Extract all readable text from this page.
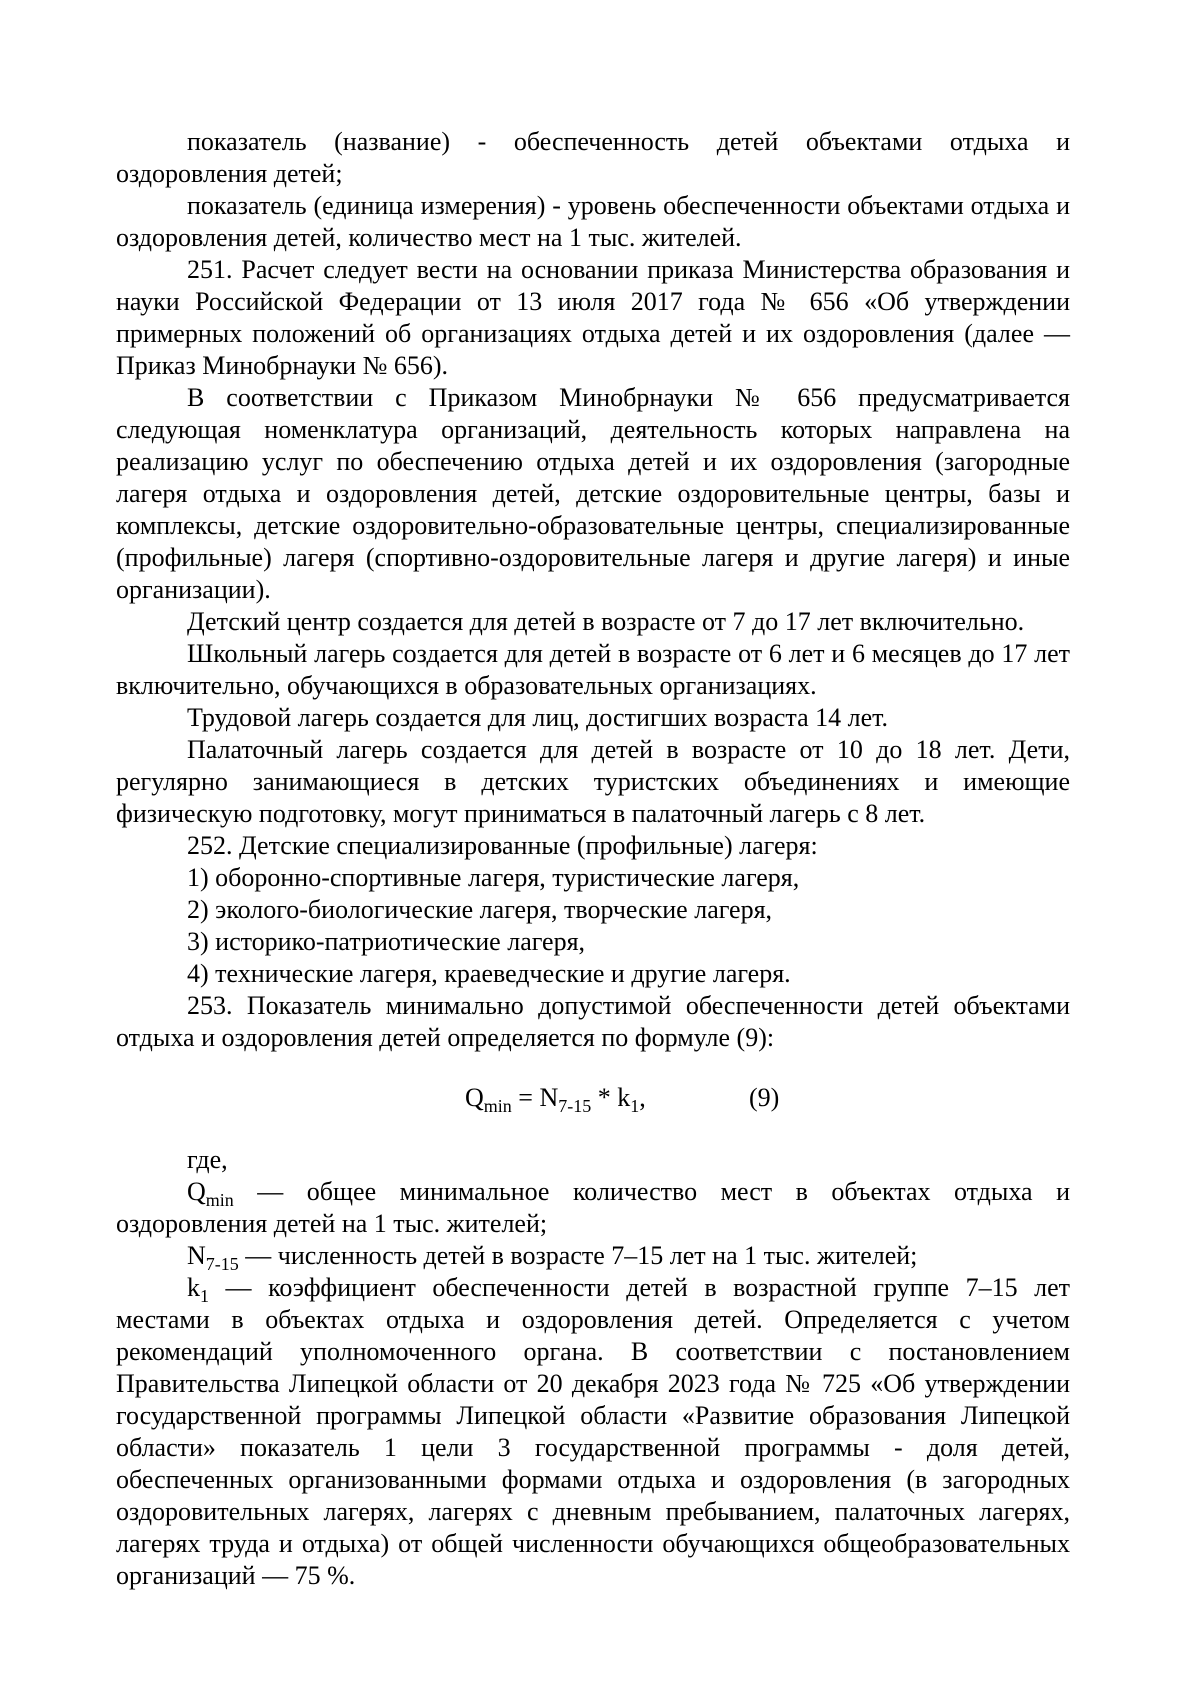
показатель (название) - обеспеченность детей объектами отдыха и оздоровления детей;

показатель (единица измерения) - уровень обеспеченности объектами отдыха и оздоровления детей, количество мест на 1 тыс. жителей.

251. Расчет следует вести на основании приказа Министерства образования и науки Российской Федерации от 13 июля 2017 года № 656 «Об утверждении примерных положений об организациях отдыха детей и их оздоровления (далее — Приказ Минобрнауки № 656).

В соответствии с Приказом Минобрнауки № 656 предусматривается следующая номенклатура организаций, деятельность которых направлена на реализацию услуг по обеспечению отдыха детей и их оздоровления (загородные лагеря отдыха и оздоровления детей, детские оздоровительные центры, базы и комплексы, детские оздоровительно-образовательные центры, специализированные (профильные) лагеря (спортивно-оздоровительные лагеря и другие лагеря) и иные организации).

Детский центр создается для детей в возрасте от 7 до 17 лет включительно.

Школьный лагерь создается для детей в возрасте от 6 лет и 6 месяцев до 17 лет включительно, обучающихся в образовательных организациях.

Трудовой лагерь создается для лиц, достигших возраста 14 лет.

Палаточный лагерь создается для детей в возрасте от 10 до 18 лет. Дети, регулярно занимающиеся в детских туристских объединениях и имеющие физическую подготовку, могут приниматься в палаточный лагерь с 8 лет.

252. Детские специализированные (профильные) лагеря:

1) оборонно-спортивные лагеря, туристические лагеря,

2) эколого-биологические лагеря, творческие лагеря,

3) историко-патриотические лагеря,

4) технические лагеря, краеведческие и другие лагеря.

253. Показатель минимально допустимой обеспеченности детей объектами отдыха и оздоровления детей определяется по формуле (9):

$Q_{min} = N_{7-15} * k_1$,	(9)

где,

$Q_{min}$ — общее минимальное количество мест в объектах отдыха и оздоровления детей на 1 тыс. жителей;

$N_{7-15}$ — численность детей в возрасте 7–15 лет на 1 тыс. жителей;

$k_1$ — коэффициент обеспеченности детей в возрастной группе 7–15 лет местами в объектах отдыха и оздоровления детей. Определяется с учетом рекомендаций уполномоченного органа. В соответствии с постановлением Правительства Липецкой области от 20 декабря 2023 года № 725 «Об утверждении государственной программы Липецкой области «Развитие образования Липецкой области» показатель 1 цели 3 государственной программы - доля детей, обеспеченных организованными формами отдыха и оздоровления (в загородных оздоровительных лагерях, лагерях с дневным пребыванием, палаточных лагерях, лагерях труда и отдыха) от общей численности обучающихся общеобразовательных организаций — 75 %.
